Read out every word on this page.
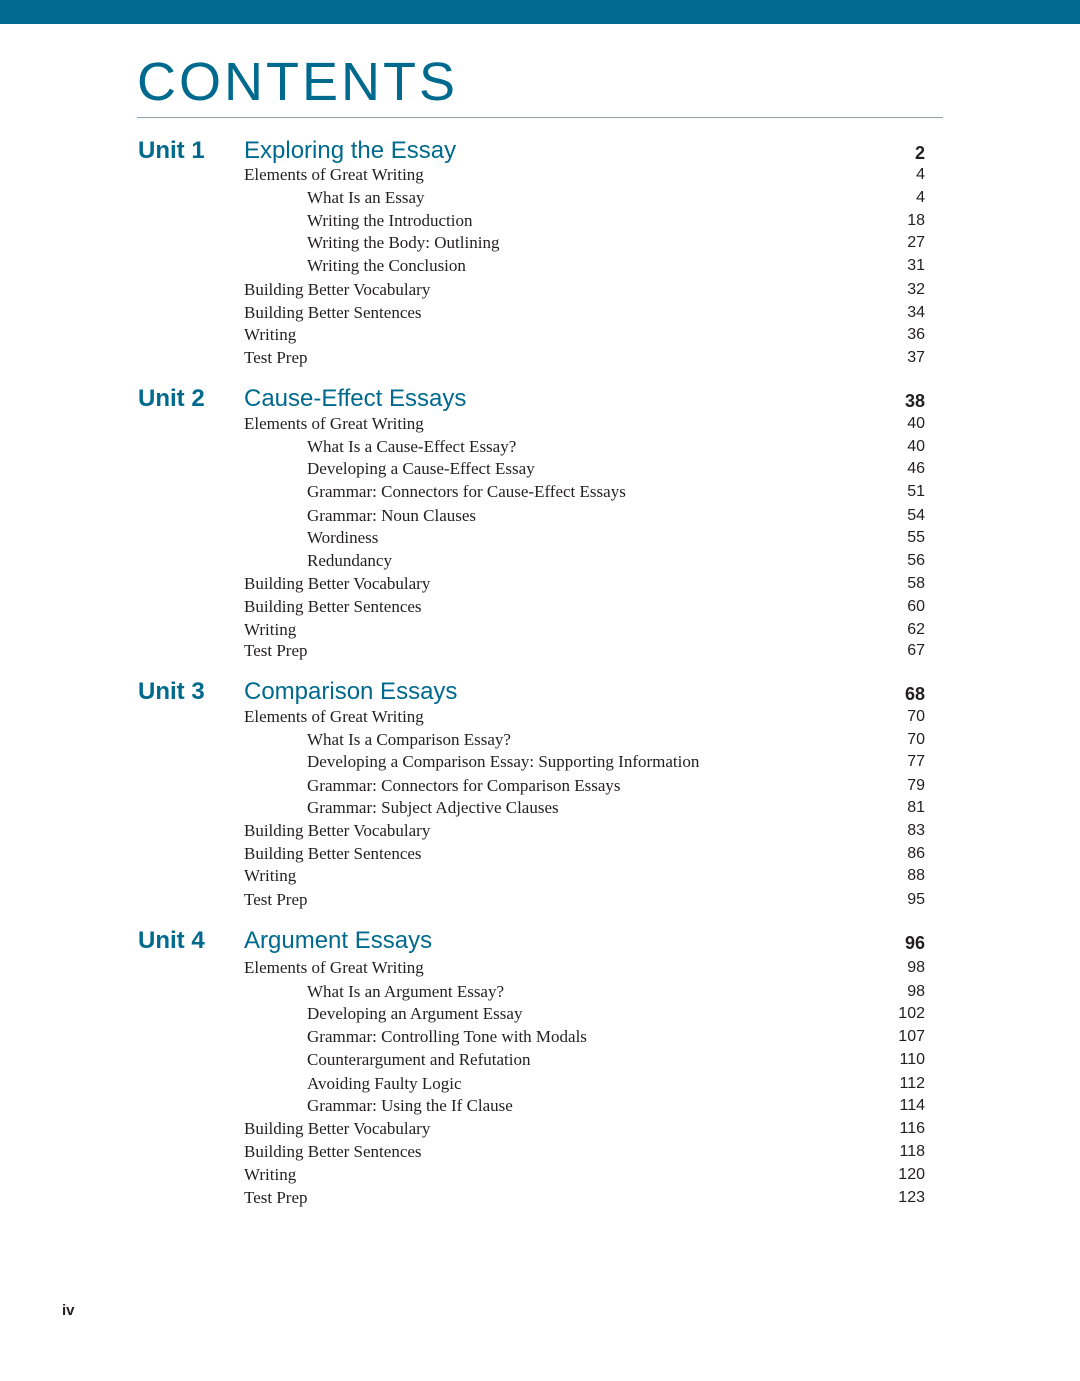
CONTENTS
Unit 1 Exploring the Essay	2
Elements of Great Writing	4
What Is an Essay	4
Writing the Introduction	18
Writing the Body: Outlining	27
Writing the Conclusion	31
Building Better Vocabulary	32
Building Better Sentences	34
Writing	36
Test Prep	37
Unit 2 Cause-Effect Essays	38
Elements of Great Writing	40
What Is a Cause-Effect Essay?	40
Developing a Cause-Effect Essay	46
Grammar: Connectors for Cause-Effect Essays	51
Grammar: Noun Clauses	54
Wordiness	55
Redundancy	56
Building Better Vocabulary	58
Building Better Sentences	60
Writing	62
Test Prep	67
Unit 3 Comparison Essays	68
Elements of Great Writing	70
What Is a Comparison Essay?	70
Developing a Comparison Essay: Supporting Information	77
Grammar: Connectors for Comparison Essays	79
Grammar: Subject Adjective Clauses	81
Building Better Vocabulary	83
Building Better Sentences	86
Writing	88
Test Prep	95
Unit 4 Argument Essays	96
Elements of Great Writing	98
What Is an Argument Essay?	98
Developing an Argument Essay	102
Grammar: Controlling Tone with Modals	107
Counterargument and Refutation	110
Avoiding Faulty Logic	112
Grammar: Using the If Clause	114
Building Better Vocabulary	116
Building Better Sentences	118
Writing	120
Test Prep	123
iv
